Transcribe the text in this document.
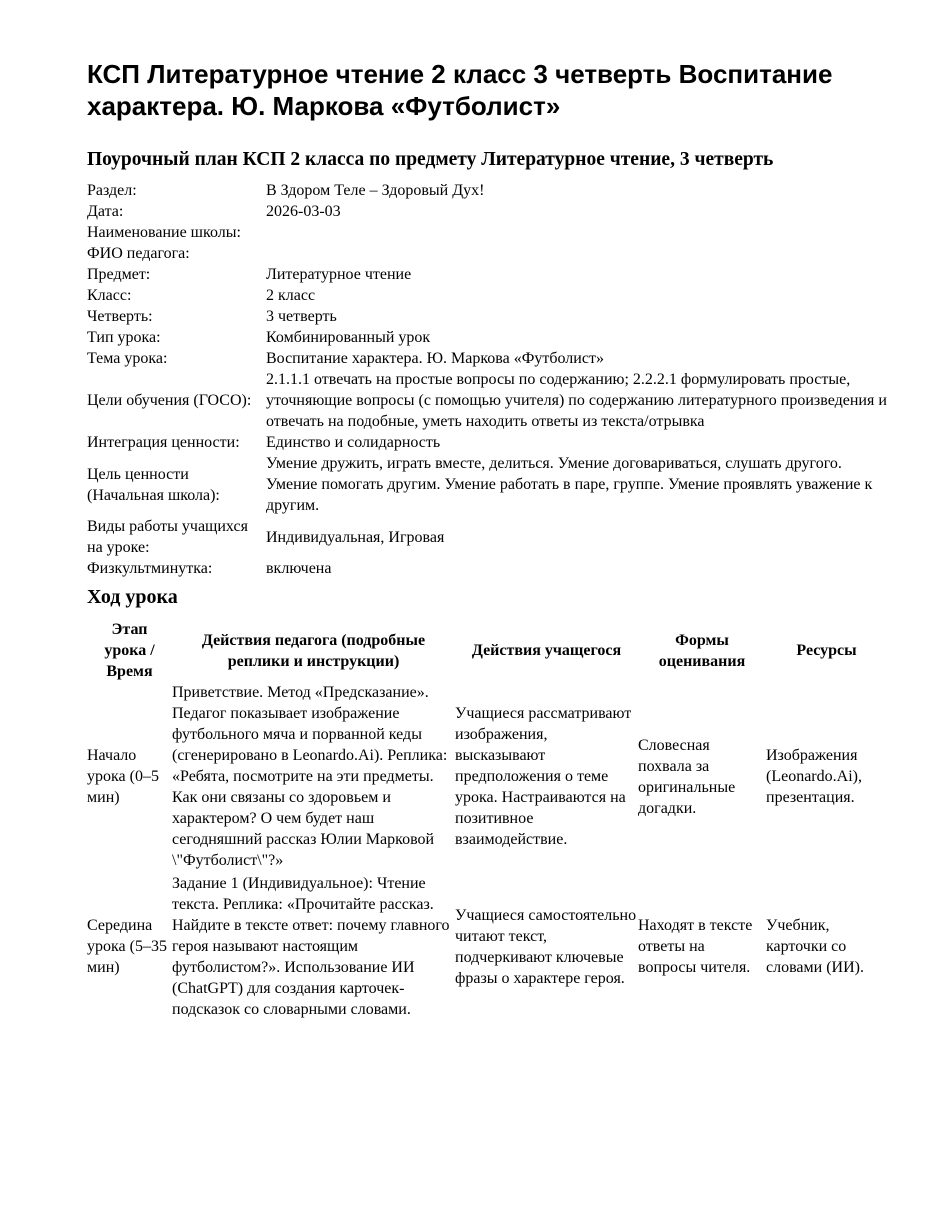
КСП Литературное чтение 2 класс 3 четверть Воспитание характера. Ю. Маркова «Футболист»
Поурочный план КСП 2 класса по предмету Литературное чтение, 3 четверть
Раздел:	В Здором Теле – Здоровый Дух!
Дата:	2026-03-03
Наименование школы:	
ФИО педагога:	
Предмет:	Литературное чтение
Класс:	2 класс
Четверть:	3 четверть
Тип урока:	Комбинированный урок
Тема урока:	Воспитание характера. Ю. Маркова «Футболист»
Цели обучения (ГОСО):	2.1.1.1 отвечать на простые вопросы по содержанию; 2.2.2.1 формулировать простые, уточняющие вопросы (с помощью учителя) по содержанию литературного произведения и отвечать на подобные, уметь находить ответы из текста/отрывка
Интеграция ценности:	Единство и солидарность
Цель ценности (Начальная школа):	Умение дружить, играть вместе, делиться. Умение договариваться, слушать другого. Умение помогать другим. Умение работать в паре, группе. Умение проявлять уважение к другим.
Виды работы учащихся на уроке:	Индивидуальная, Игровая
Физкультминутка:	включена
Ход урока
Этап урока / Время	Действия педагога (подробные реплики и инструкции)	Действия учащегося	Формы оценивания	Ресурсы
Начало урока (0–5 мин)	Приветствие. Метод «Предсказание». Педагог показывает изображение футбольного мяча и порванной кеды (сгенерировано в Leonardo.Ai). Реплика: «Ребята, посмотрите на эти предметы. Как они связаны со здоровьем и характером? О чем будет наш сегодняшний рассказ Юлии Марковой \"Футболист\"?»	Учащиеся рассматривают изображения, высказывают предположения о теме урока. Настраиваются на позитивное взаимодействие.	Словесная похвала за оригинальные догадки.	Изображения (Leonardo.Ai), презентация.
Середина урока (5–35 мин)	Задание 1 (Индивидуальное): Чтение текста. Реплика: «Прочитайте рассказ. Найдите в тексте ответ: почему главного героя называют настоящим футболистом?». Использование ИИ (ChatGPT) для создания карточек-подсказок со словарными словами.	Учащиеся самостоятельно читают текст, подчеркивают ключевые фразы о характере героя.	Находят в тексте ответы на вопросы чителя.	Учебник, карточки со словами (ИИ).
